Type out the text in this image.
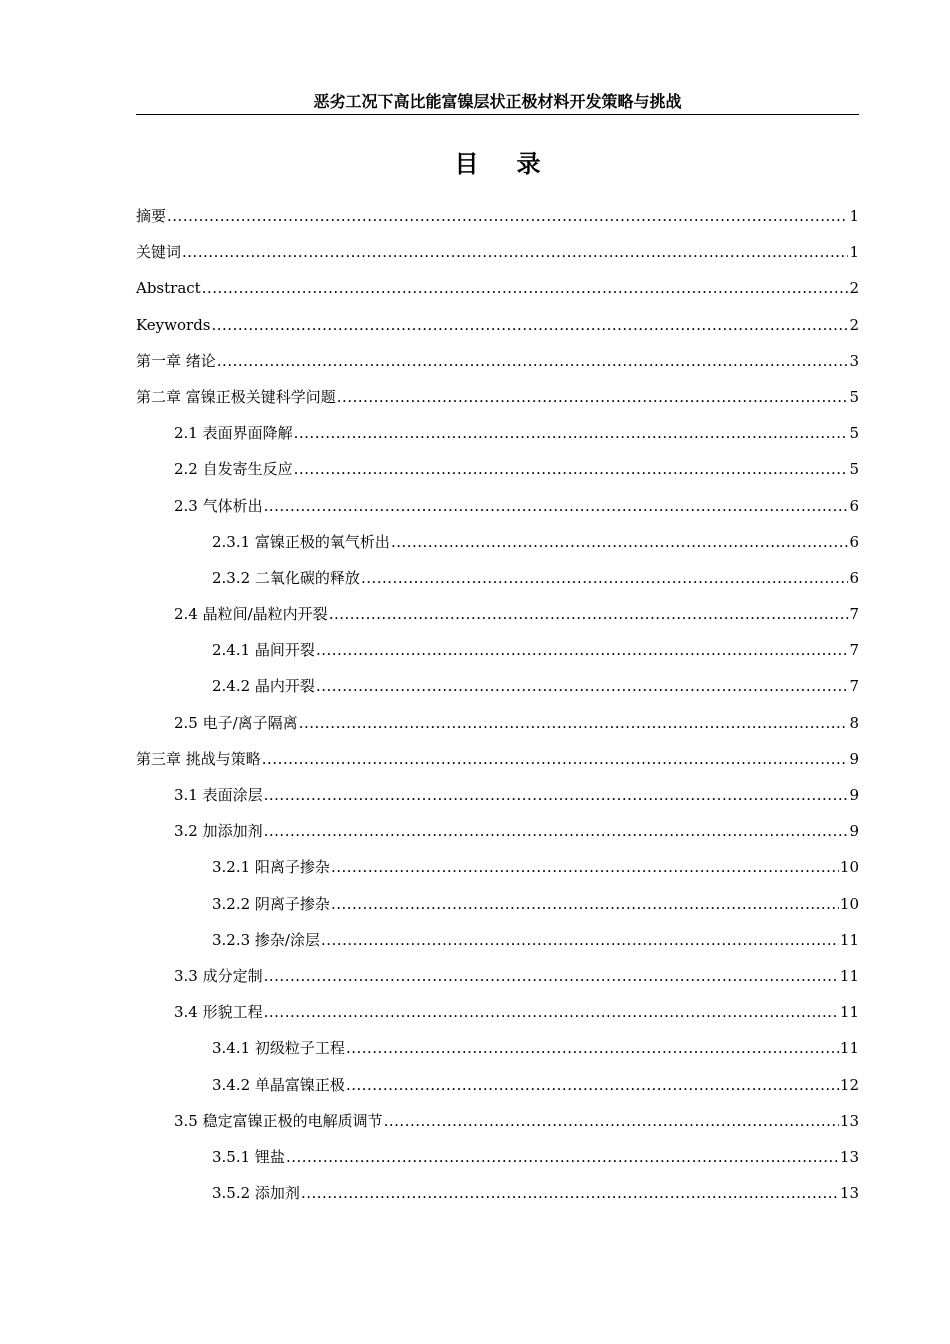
恶劣工况下高比能富镍层状正极材料开发策略与挑战
目录
摘要 .....	1
关键词 .....	1
Abstract .....	2
Keywords .....	2
第一章 绪论 .....	3
第二章 富镍正极关键科学问题 .....	5
2.1 表面界面降解 .....	5
2.2 自发寄生反应 .....	5
2.3 气体析出 .....	6
2.3.1 富镍正极的氧气析出 .....	6
2.3.2 二氧化碳的释放 .....	6
2.4 晶粒间/晶粒内开裂 .....	7
2.4.1 晶间开裂 .....	7
2.4.2 晶内开裂 .....	7
2.5 电子/离子隔离 .....	8
第三章 挑战与策略 .....	9
3.1 表面涂层 .....	9
3.2 加添加剂 .....	9
3.2.1 阳离子掺杂 .....	10
3.2.2 阴离子掺杂 .....	10
3.2.3 掺杂/涂层 .....	11
3.3 成分定制 .....	11
3.4 形貌工程 .....	11
3.4.1 初级粒子工程 .....	11
3.4.2 单晶富镍正极 .....	12
3.5 稳定富镍正极的电解质调节 .....	13
3.5.1 锂盐 .....	13
3.5.2 添加剂 .....	13
